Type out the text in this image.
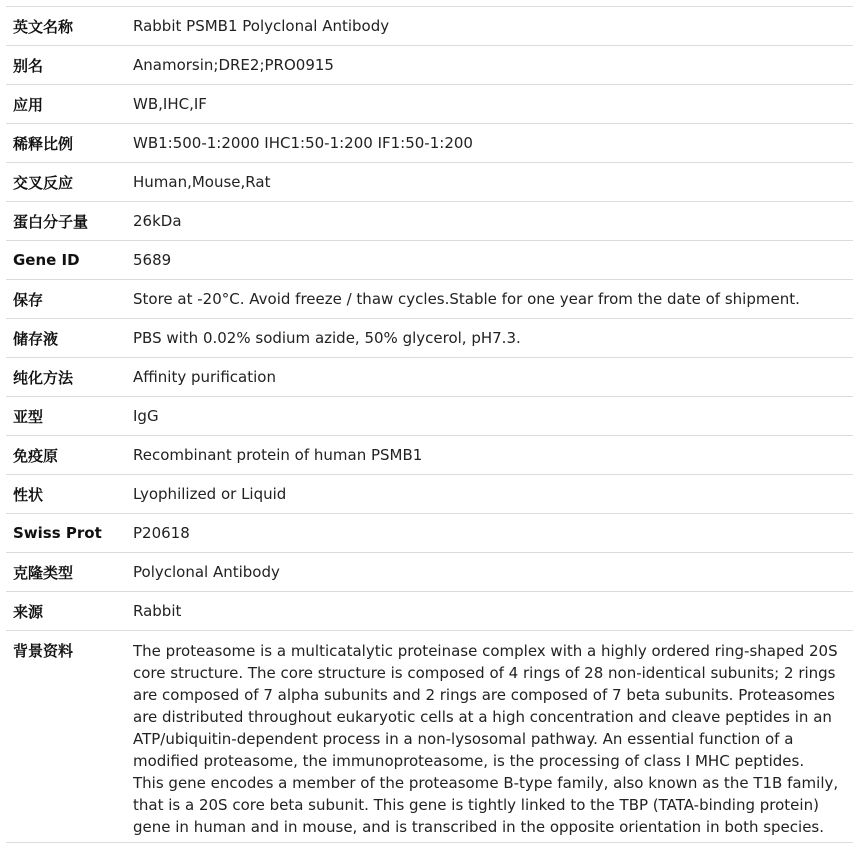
英文名称	Rabbit PSMB1 Polyclonal Antibody
别名	Anamorsin;DRE2;PRO0915
应用	WB,IHC,IF
稀释比例	WB1:500-1:2000 IHC1:50-1:200 IF1:50-1:200
交叉反应	Human,Mouse,Rat
蛋白分子量	26kDa
Gene ID	5689
保存	Store at -20°C. Avoid freeze / thaw cycles.Stable for one year from the date of shipment.
储存液	PBS with 0.02% sodium azide, 50% glycerol, pH7.3.
纯化方法	Affinity purification
亚型	IgG
免疫原	Recombinant protein of human PSMB1
性状	Lyophilized or Liquid
Swiss Prot	P20618
克隆类型	Polyclonal Antibody
来源	Rabbit
背景资料	The proteasome is a multicatalytic proteinase complex with a highly ordered ring-shaped 20S core structure. The core structure is composed of 4 rings of 28 non-identical subunits; 2 rings are composed of 7 alpha subunits and 2 rings are composed of 7 beta subunits. Proteasomes are distributed throughout eukaryotic cells at a high concentration and cleave peptides in an ATP/ubiquitin-dependent process in a non-lysosomal pathway. An essential function of a modified proteasome, the immunoproteasome, is the processing of class I MHC peptides. This gene encodes a member of the proteasome B-type family, also known as the T1B family, that is a 20S core beta subunit. This gene is tightly linked to the TBP (TATA-binding protein) gene in human and in mouse, and is transcribed in the opposite orientation in both species.
